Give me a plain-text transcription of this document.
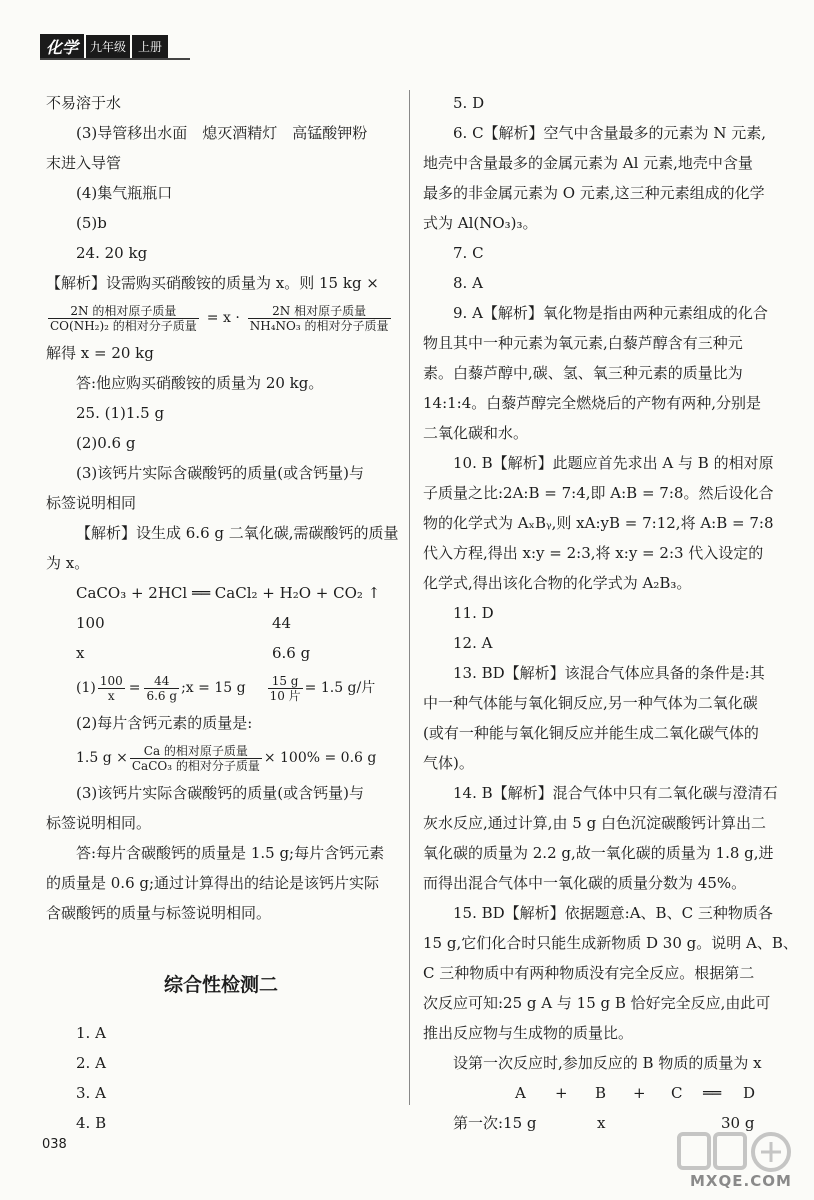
化学	九年级	上册
不易溶于水
(3)导管移出水面　熄灭酒精灯　高锰酸钾粉
末进入导管
(4)集气瓶瓶口
(5)b
24. 20 kg
【解析】设需购买硝酸铵的质量为 x。则 15 kg ×
$\frac{\text{2N 的相对原子质量}}{\text{CO(NH₂)₂ 的相对分子质量}} = x \cdot \frac{\text{2N 相对原子质量}}{\text{NH₄NO₃ 的相对分子质量}}$
解得 x = 20 kg
答:他应购买硝酸铵的质量为 20 kg。
25. (1)1.5 g
(2)0.6 g
(3)该钙片实际含碳酸钙的质量(或含钙量)与
标签说明相同
【解析】设生成 6.6 g 二氧化碳,需碳酸钙的质量
为 x。
CaCO₃ + 2HCl ══ CaCl₂ + H₂O + CO₂ ↑
100	44
x	6.6 g
$(1) \frac{100}{x} = \frac{44}{6.6 g}$ ;x = 15 g $\frac{15 g}{\text{10 片}} = 1.5$ g/片
(2)每片含钙元素的质量是:
1.5 $g \times \frac{\text{Ca 的相对原子质量}}{\text{CaCO₃ 的相对分子质量}} \times 100\% = 0.6$ g
(3)该钙片实际含碳酸钙的质量(或含钙量)与
标签说明相同。
答:每片含碳酸钙的质量是 1.5 g;每片含钙元素
的质量是 0.6 g;通过计算得出的结论是该钙片实际
含碳酸钙的质量与标签说明相同。
综合性检测二
1. A
2. A
3. A
4. B
5. D
6. C【解析】空气中含量最多的元素为 N 元素,
地壳中含量最多的金属元素为 Al 元素,地壳中含量
最多的非金属元素为 O 元素,这三种元素组成的化学
式为 Al(NO₃)₃。
7. C
8. A
9. A【解析】氧化物是指由两种元素组成的化合
物且其中一种元素为氧元素,白藜芦醇含有三种元
素。白藜芦醇中,碳、氢、氧三种元素的质量比为
14:1:4。白藜芦醇完全燃烧后的产物有两种,分别是
二氧化碳和水。
10. B【解析】此题应首先求出 A 与 B 的相对原
子质量之比:2A:B = 7:4,即 A:B = 7:8。然后设化合
物的化学式为 AₓBᵧ,则 xA:yB = 7:12,将 A:B = 7:8
代入方程,得出 x:y = 2:3,将 x:y = 2:3 代入设定的
化学式,得出该化合物的化学式为 A₂B₃。
11. D
12. A
13. BD【解析】该混合气体应具备的条件是:其
中一种气体能与氧化铜反应,另一种气体为二氧化碳
(或有一种能与氧化铜反应并能生成二氧化碳气体的
气体)。
14. B【解析】混合气体中只有二氧化碳与澄清石
灰水反应,通过计算,由 5 g 白色沉淀碳酸钙计算出二
氧化碳的质量为 2.2 g,故一氧化碳的质量为 1.8 g,进
而得出混合气体中一氧化碳的质量分数为 45%。
15. BD【解析】依据题意:A、B、C 三种物质各
15 g,它们化合时只能生成新物质 D 30 g。说明 A、B、
C 三种物质中有两种物质没有完全反应。根据第二
次反应可知:25 g A 与 15 g B 恰好完全反应,由此可
推出反应物与生成物的质量比。
设第一次反应时,参加反应的 B 物质的质量为 x
A	+	B	+	C	══	D
第一次:15 g	x	30 g
038
MXQE.COM
